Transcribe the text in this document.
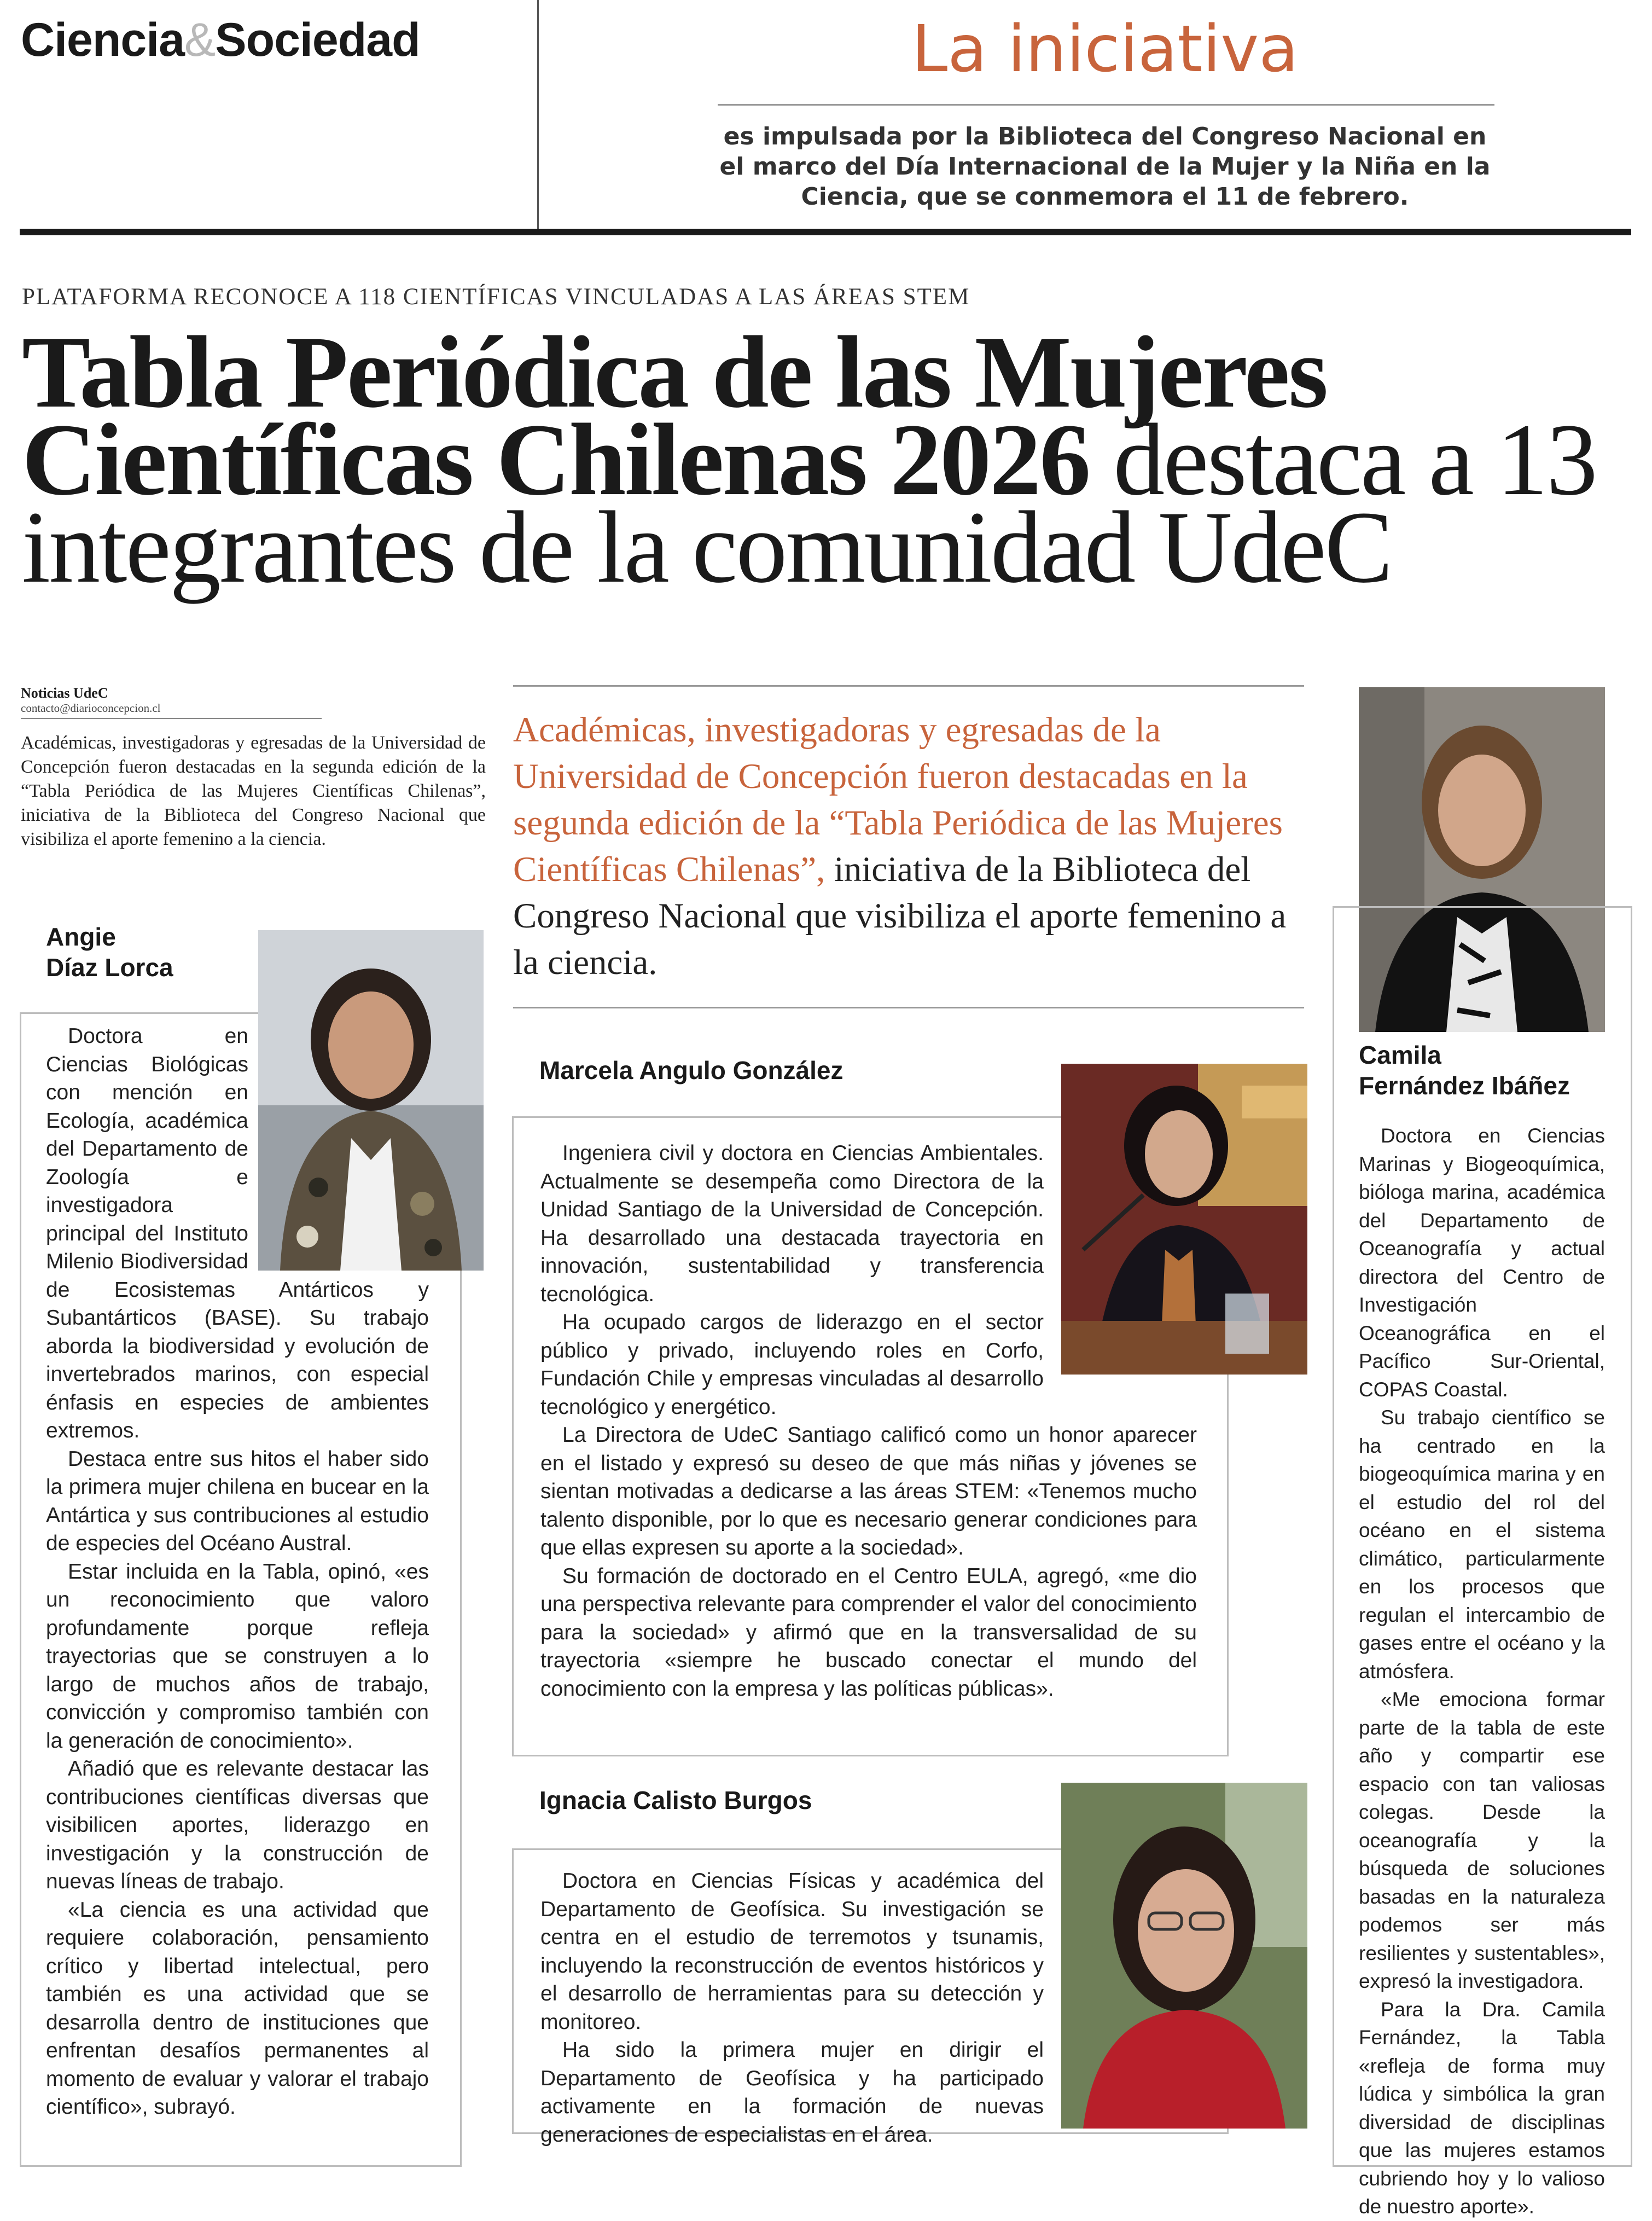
Ciencia&Sociedad	La iniciativa
es impulsada por la Biblioteca del Congreso Nacional en el marco del Día Internacional de la Mujer y la Niña en la Ciencia, que se conmemora el 11 de febrero.
PLATAFORMA RECONOCE A 118 CIENTÍFICAS VINCULADAS A LAS ÁREAS STEM
Tabla Periódica de las Mujeres Científicas Chilenas 2026 destaca a 13 integrantes de la comunidad UdeC
Noticias UdeC
contacto@diarioconcepcion.cl
Académicas, investigadoras y egresadas de la Universidad de Concepción fueron destacadas en la segunda edición de la “Tabla Periódica de las Mujeres Científicas Chilenas”, iniciativa de la Biblioteca del Congreso Nacional que visibiliza el aporte femenino a la ciencia.
Angie
Díaz Lorca

Doctora en Ciencias Biológicas con mención en Ecología, académica del Departamento de Zoología e investigadora principal del Instituto Milenio Biodiversidad de Ecosistemas Antárticos y Subantárticos (BASE). Su trabajo aborda la biodiversidad y evolución de invertebrados marinos, con especial énfasis en especies de ambientes extremos.

Destaca entre sus hitos el haber sido la primera mujer chilena en bucear en la Antártica y sus contribuciones al estudio de especies del Océano Austral.

Estar incluida en la Tabla, opinó, «es un reconocimiento que valoro profundamente porque refleja trayectorias que se construyen a lo largo de muchos años de trabajo, convicción y compromiso también con la generación de conocimiento».

Añadió que es relevante destacar las contribuciones científicas diversas que visibilicen aportes, liderazgo en investigación y la construcción de nuevas líneas de trabajo.

«La ciencia es una actividad que requiere colaboración, pensamiento crítico y libertad intelectual, pero también es una actividad que se desarrolla dentro de instituciones que enfrentan desafíos permanentes al momento de evaluar y valorar el trabajo científico», subrayó.

Académicas, investigadoras y egresadas de la Universidad de Concepción fueron destacadas en la segunda edición de la “Tabla Periódica de las Mujeres Científicas Chilenas”, iniciativa de la Biblioteca del Congreso Nacional que visibiliza el aporte femenino a la ciencia.
Marcela Angulo González

Ingeniera civil y doctora en Ciencias Ambientales. Actualmente se desempeña como Directora de la Unidad Santiago de la Universidad de Concepción. Ha desarrollado una destacada trayectoria en innovación, sustentabilidad y transferencia tecnológica.

Ha ocupado cargos de liderazgo en el sector público y privado, incluyendo roles en Corfo, Fundación Chile y empresas vinculadas al desarrollo tecnológico y energético.

La Directora de UdeC Santiago calificó como un honor aparecer en el listado y expresó su deseo de que más niñas y jóvenes se sientan motivadas a dedicarse a las áreas STEM: «Tenemos mucho talento disponible, por lo que es necesario generar condiciones para que ellas expresen su aporte a la sociedad».

Su formación de doctorado en el Centro EULA, agregó, «me dio una perspectiva relevante para comprender el valor del conocimiento para la sociedad» y afirmó que en la transversalidad de su trayectoria «siempre he buscado conectar el mundo del conocimiento con la empresa y las políticas públicas».

Ignacia Calisto Burgos

Doctora en Ciencias Físicas y académica del Departamento de Geofísica. Su investigación se centra en el estudio de terremotos y tsunamis, incluyendo la reconstrucción de eventos históricos y el desarrollo de herramientas para su detección y monitoreo.

Ha sido la primera mujer en dirigir el Departamento de Geofísica y ha participado activamente en la formación de nuevas generaciones de especialistas en el área.

Camila
Fernández Ibáñez

Doctora en Ciencias Marinas y Biogeoquímica, bióloga marina, académica del Departamento de Oceanografía y actual directora del Centro de Investigación Oceanográfica en el Pacífico Sur-Oriental, COPAS Coastal.

Su trabajo científico se ha centrado en la biogeoquímica marina y en el estudio del rol del océano en el sistema climático, particularmente en los procesos que regulan el intercambio de gases entre el océano y la atmósfera.

«Me emociona formar parte de la tabla de este año y compartir ese espacio con tan valiosas colegas. Desde la oceanografía y la búsqueda de soluciones basadas en la naturaleza podemos ser más resilientes y sustentables», expresó la investigadora.

Para la Dra. Camila Fernández, la Tabla «refleja de forma muy lúdica y simbólica la gran diversidad de disciplinas que las mujeres estamos cubriendo hoy y lo valioso de nuestro aporte».
